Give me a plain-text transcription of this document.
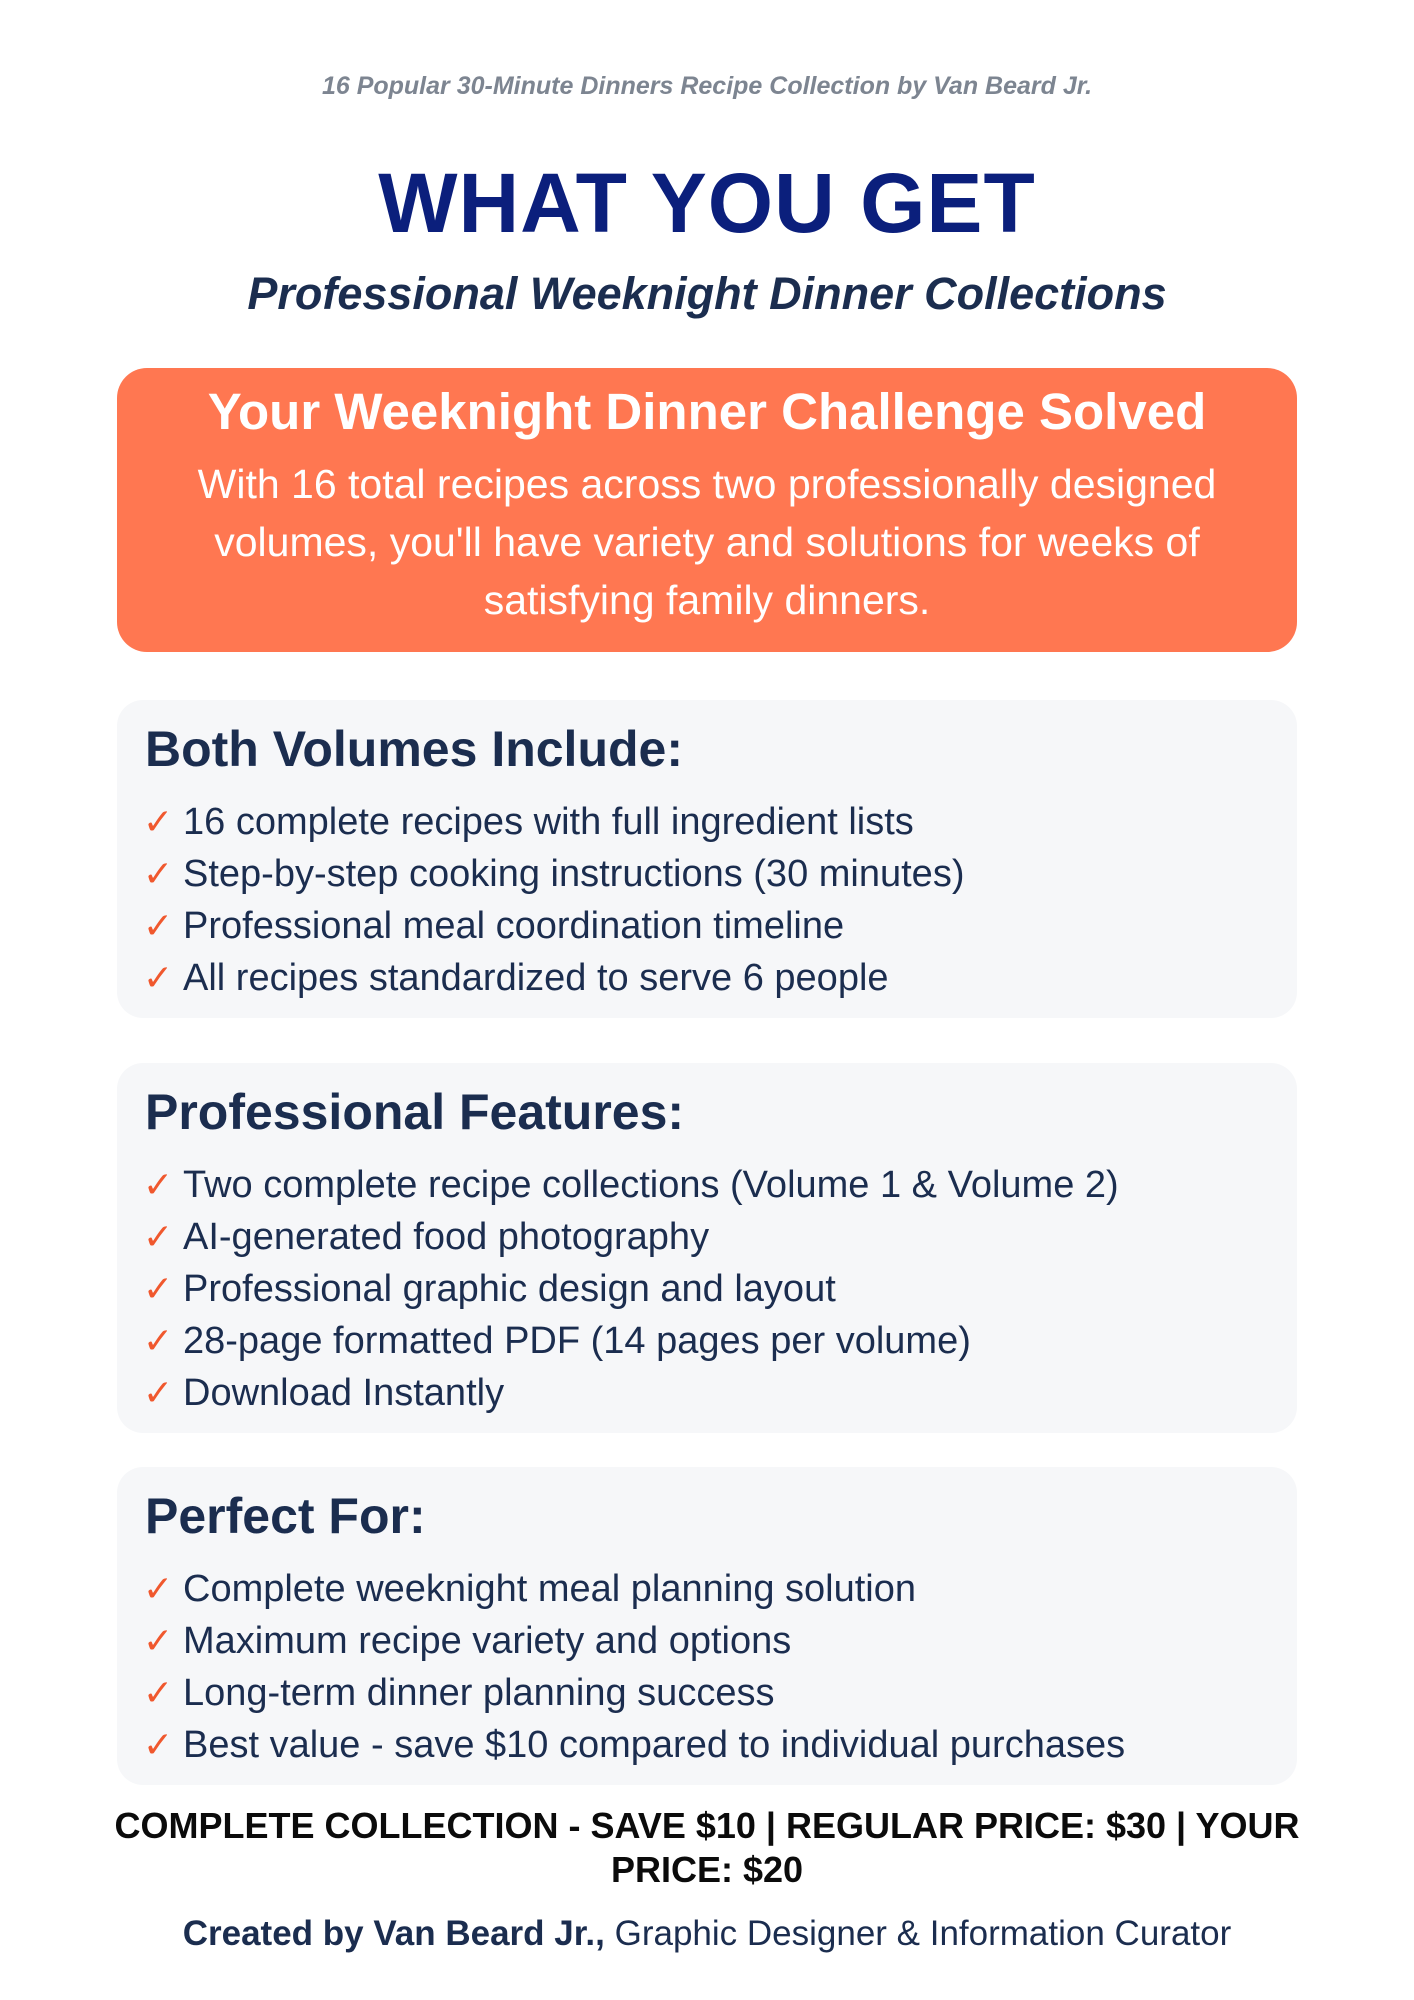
16 Popular 30-Minute Dinners Recipe Collection by Van Beard Jr.
WHAT YOU GET
Professional Weeknight Dinner Collections
Your Weeknight Dinner Challenge Solved
With 16 total recipes across two professionally designed volumes, you'll have variety and solutions for weeks of satisfying family dinners.
Both Volumes Include:
✓ 16 complete recipes with full ingredient lists
✓ Step-by-step cooking instructions (30 minutes)
✓ Professional meal coordination timeline
✓ All recipes standardized to serve 6 people
Professional Features:
✓ Two complete recipe collections (Volume 1 & Volume 2)
✓ AI-generated food photography
✓ Professional graphic design and layout
✓ 28-page formatted PDF (14 pages per volume)
✓ Download Instantly
Perfect For:
✓ Complete weeknight meal planning solution
✓ Maximum recipe variety and options
✓ Long-term dinner planning success
✓ Best value - save $10 compared to individual purchases
COMPLETE COLLECTION - SAVE $10 | REGULAR PRICE: $30 | YOUR PRICE: $20
Created by Van Beard Jr., Graphic Designer & Information Curator
